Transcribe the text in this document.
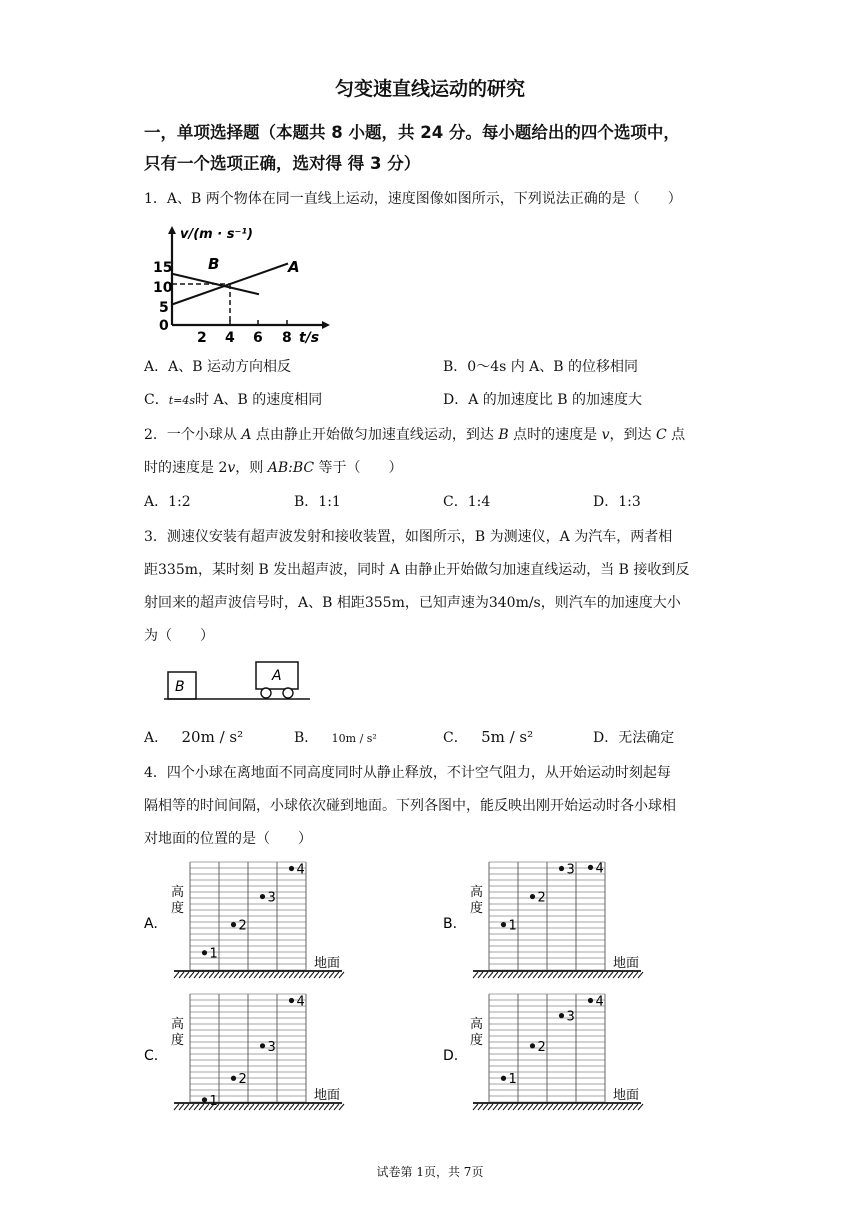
匀变速直线运动的研究
一，单项选择题（本题共 8 小题，共 24 分。每小题给出的四个选项中，
只有一个选项正确，选对得 得 3 分）
1．A、B 两个物体在同一直线上运动，速度图像如图所示，下列说法正确的是（　　）
v/(m · s⁻¹)
15
10
5
0
2 4 6 8 t/s
A
B
A．A、B 运动方向相反	B．0～4s 内 A、B 的位移相同
C．t=4s时 A、B 的速度相同	D．A 的加速度比 B 的加速度大
2．一个小球从 A 点由静止开始做匀加速直线运动，到达 B 点时的速度是 v，到达 C 点
时的速度是 2v，则 AB:BC 等于（　　）
A．1:2	B．1:1	C．1:4	D．1:3
3．测速仪安装有超声波发射和接收装置，如图所示，B 为测速仪，A 为汽车，两者相
距335m，某时刻 B 发出超声波，同时 A 由静止开始做匀加速直线运动，当 B 接收到反
射回来的超声波信号时，A、B 相距355m，已知声速为340m/s，则汽车的加速度大小
为（　　）
B
A
A． 20m / s²	B． 10m / s²	C． 5m / s²	D．无法确定
4．四个小球在离地面不同高度同时从静止释放，不计空气阻力，从开始运动时刻起每
隔相等的时间间隔，小球依次碰到地面。下列各图中，能反映出刚开始运动时各小球相
对地面的位置的是（　　）
A.
高
度
地面
1
2
3
4
B.
高
度
地面
1
2
3 4
C.
高
度
地面
1
2
3
4
D.
高
度
地面
1
2
3
4
试卷第 1页，共 7页
